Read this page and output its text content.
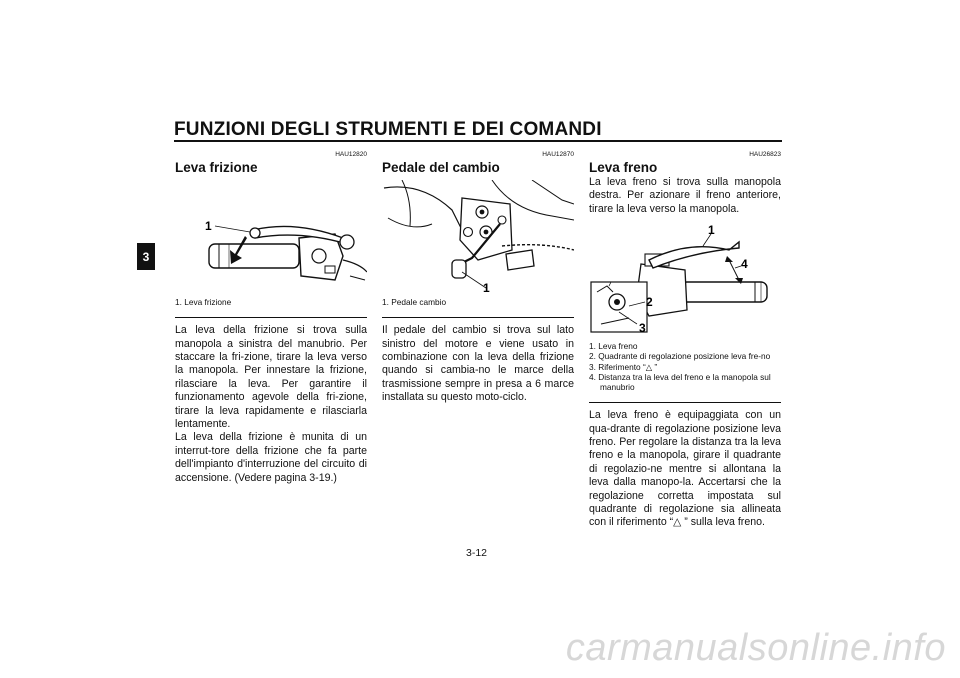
FUNZIONI DEGLI STRUMENTI E DEI COMANDI
3
HAU12820
Leva frizione
1
1. Leva frizione

La leva della frizione si trova sulla manopola a sinistra del manubrio. Per staccare la fri-zione, tirare la leva verso la manopola. Per innestare la frizione, rilasciare la leva. Per garantire il funzionamento agevole della fri-zione, tirare la leva rapidamente e rilasciarla lentamente.
La leva della frizione è munita di un interrut-tore della frizione che fa parte dell'impianto d'interruzione del circuito di accensione. (Vedere pagina 3-19.)

HAU12870
Pedale del cambio
1
1. Pedale cambio

Il pedale del cambio si trova sul lato sinistro del motore e viene usato in combinazione con la leva della frizione quando si cambia-no le marce della trasmissione sempre in presa a 6 marce installata su questo moto-ciclo.

HAU26823
Leva freno

La leva freno si trova sulla manopola destra. Per azionare il freno anteriore, tirare la leva verso la manopola.

1
2
3
4
1. Leva freno
2. Quadrante di regolazione posizione leva fre-no
3. Riferimento “△ ”
4. Distanza tra la leva del freno e la manopola sul manubrio

La leva freno è equipaggiata con un qua-drante di regolazione posizione leva freno. Per regolare la distanza tra la leva freno e la manopola, girare il quadrante di regolazio-ne mentre si allontana la leva dalla manopo-la. Accertarsi che la regolazione corretta impostata sul quadrante di regolazione sia allineata con il riferimento “△ ” sulla leva freno.

3-12
carmanualsonline.info
